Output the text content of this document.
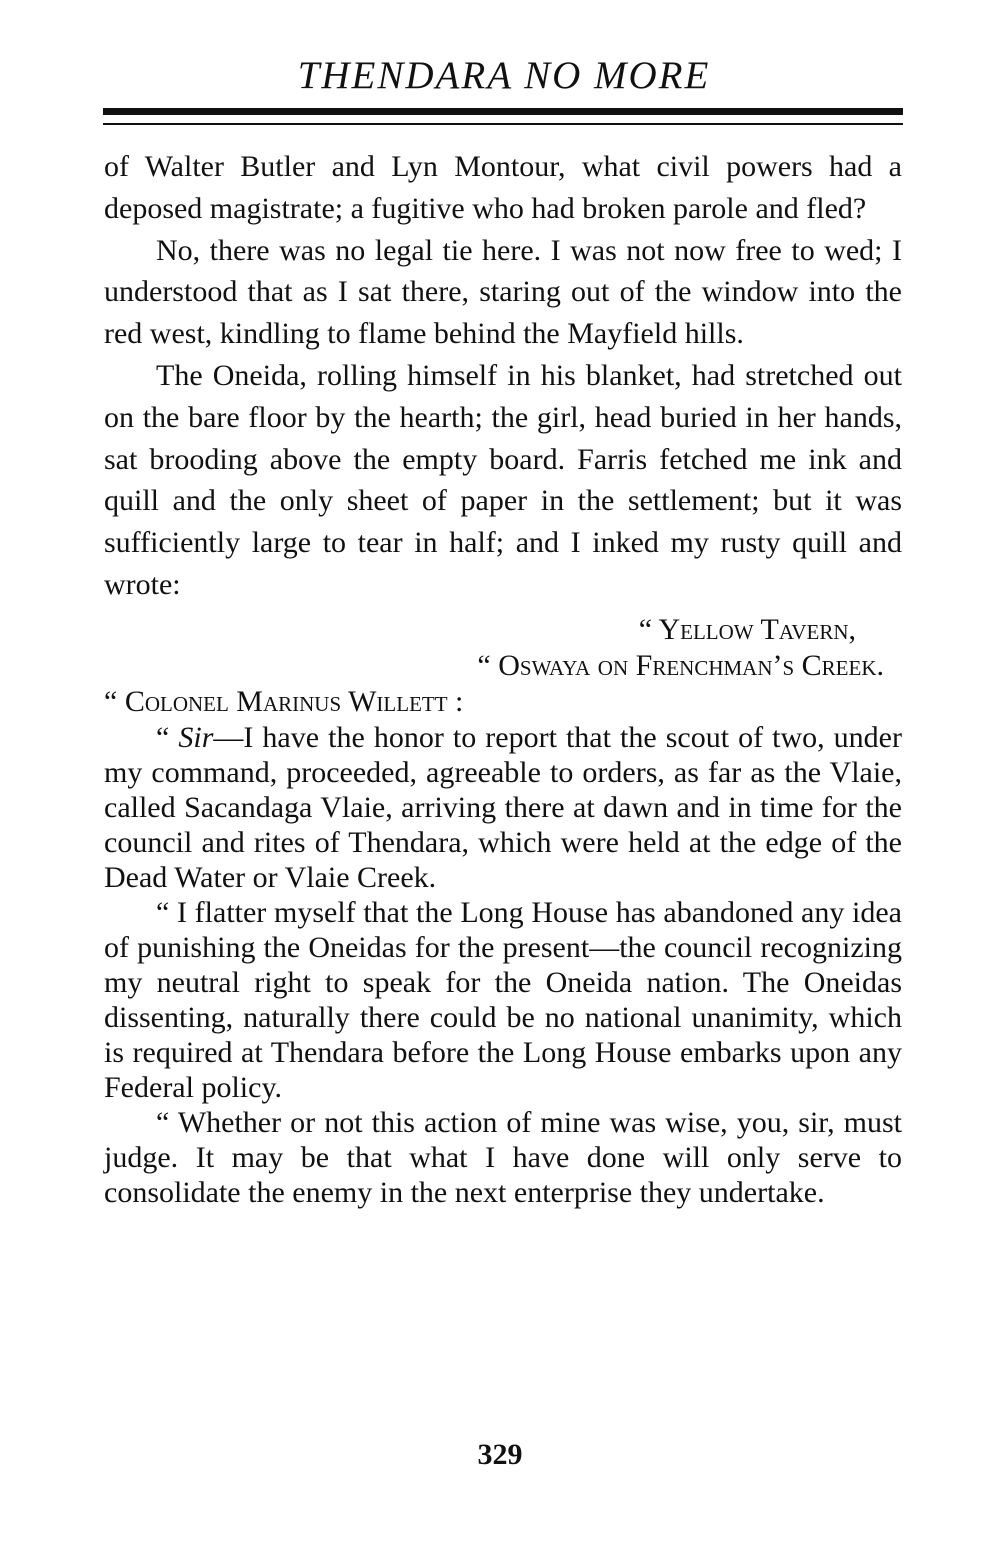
THENDARA NO MORE

of Walter Butler and Lyn Montour, what civil powers had a deposed magistrate; a fugitive who had broken parole and fled?

No, there was no legal tie here. I was not now free to wed; I understood that as I sat there, staring out of the window into the red west, kindling to flame behind the Mayfield hills.

The Oneida, rolling himself in his blanket, had stretched out on the bare floor by the hearth; the girl, head buried in her hands, sat brooding above the empty board. Farris fetched me ink and quill and the only sheet of paper in the settlement; but it was sufficiently large to tear in half; and I inked my rusty quill and wrote:

“ Yellow Tavern,

“ Oswaya on Frenchman’s Creek.

“ Colonel Marinus Willett :

“ Sir—I have the honor to report that the scout of two, under my command, proceeded, agreeable to orders, as far as the Vlaie, called Sacandaga Vlaie, arriving there at dawn and in time for the council and rites of Thendara, which were held at the edge of the Dead Water or Vlaie Creek.

“ I flatter myself that the Long House has abandoned any idea of punishing the Oneidas for the present—the council recognizing my neutral right to speak for the Oneida nation. The Oneidas dissenting, naturally there could be no national unanimity, which is required at Thendara before the Long House embarks upon any Federal policy.

“ Whether or not this action of mine was wise, you, sir, must judge. It may be that what I have done will only serve to consolidate the enemy in the next enterprise they undertake.

329
